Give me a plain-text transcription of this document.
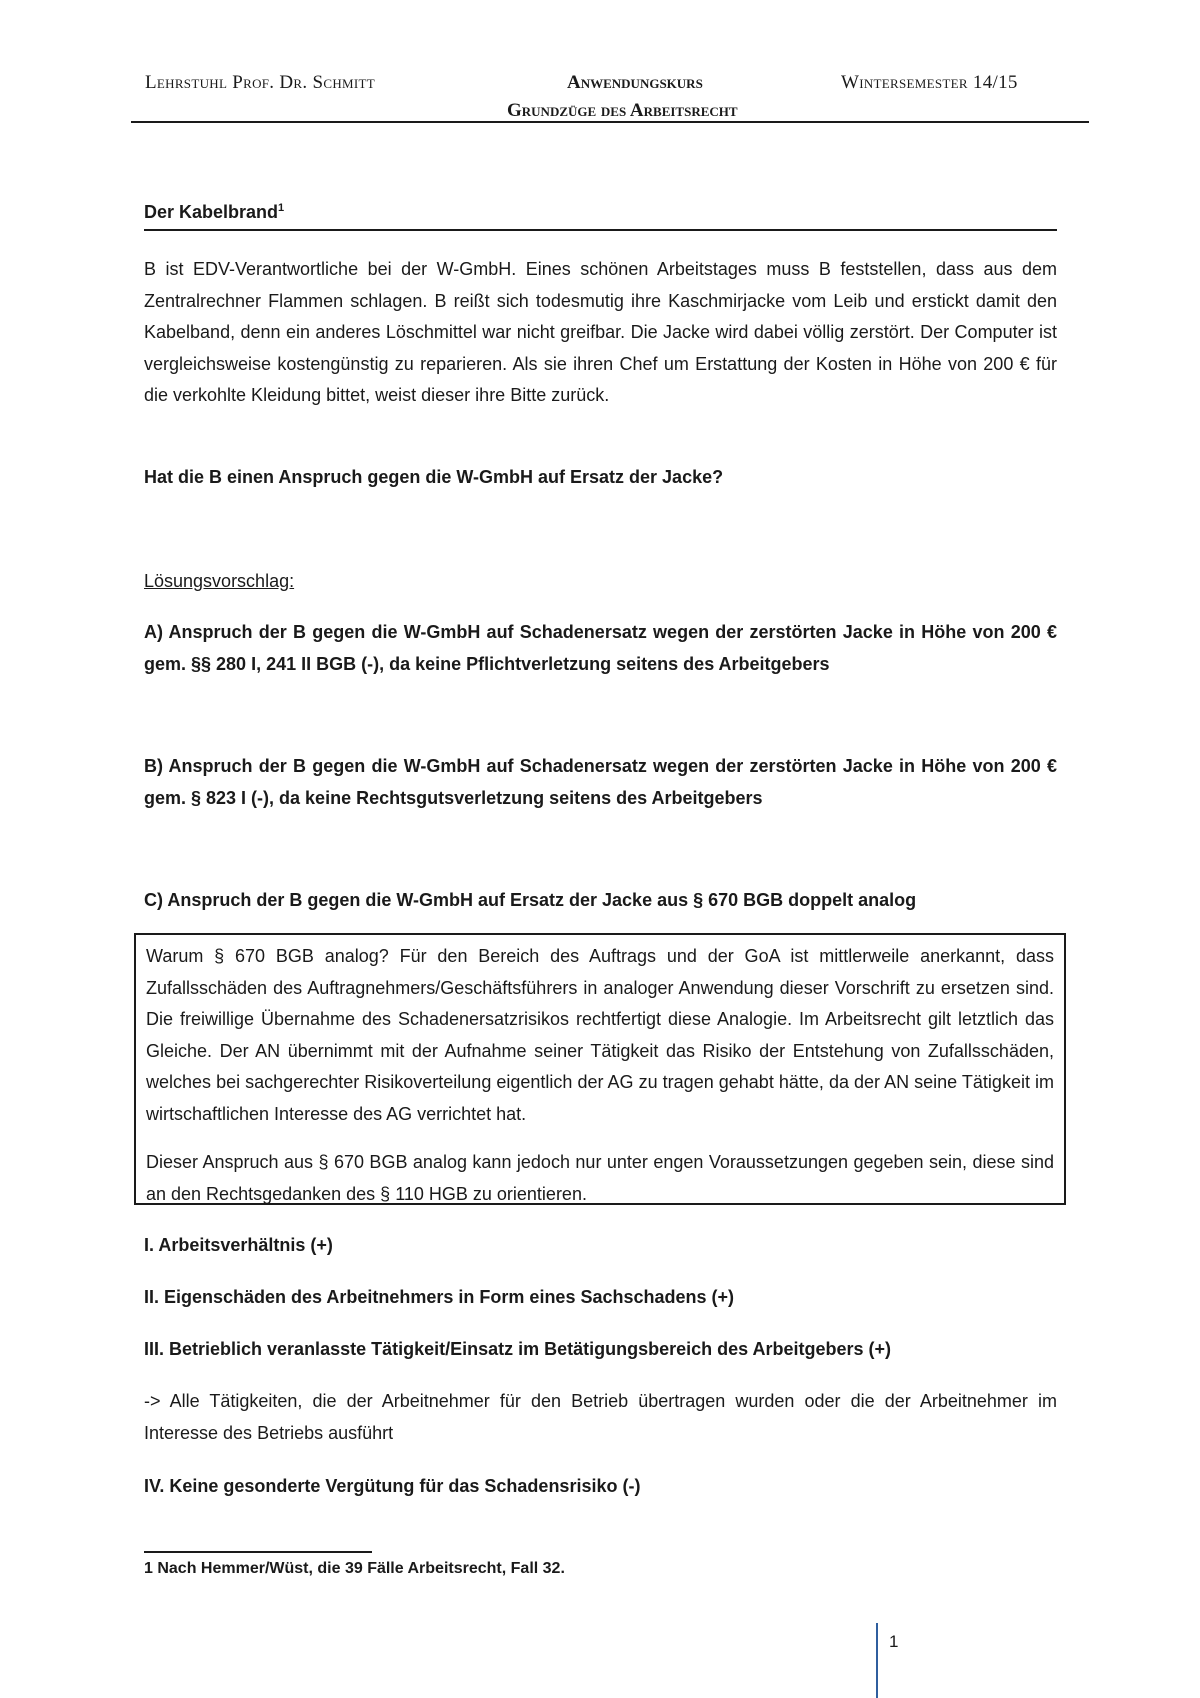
Lehrstuhl Prof. Dr. Schmitt	Anwendungskurs
Grundzüge des Arbeitsrecht
Wintersemester 14/15
Der Kabelbrand$^1$
B ist EDV-Verantwortliche bei der W-GmbH. Eines schönen Arbeitstages muss B feststellen, dass aus dem Zentralrechner Flammen schlagen. B reißt sich todesmutig ihre Kaschmirjacke vom Leib und erstickt damit den Kabelband, denn ein anderes Löschmittel war nicht greifbar. Die Jacke wird dabei völlig zerstört. Der Computer ist vergleichsweise kostengünstig zu reparieren. Als sie ihren Chef um Erstattung der Kosten in Höhe von 200 € für die verkohlte Kleidung bittet, weist dieser ihre Bitte zurück.
Hat die B einen Anspruch gegen die W-GmbH auf Ersatz der Jacke?
Lösungsvorschlag:
A) Anspruch der B gegen die W-GmbH auf Schadenersatz wegen der zerstörten Jacke in Höhe von 200 € gem. §§ 280 I, 241 II BGB (-), da keine Pflichtverletzung seitens des Arbeitgebers
B) Anspruch der B gegen die W-GmbH auf Schadenersatz wegen der zerstörten Jacke in Höhe von 200 € gem. § 823 I (-), da keine Rechtsgutsverletzung seitens des Arbeitgebers
C) Anspruch der B gegen die W-GmbH auf Ersatz der Jacke aus § 670 BGB doppelt analog
Warum § 670 BGB analog? Für den Bereich des Auftrags und der GoA ist mittlerweile anerkannt, dass Zufallsschäden des Auftragnehmers/Geschäftsführers in analoger Anwendung dieser Vorschrift zu ersetzen sind. Die freiwillige Übernahme des Schadenersatzrisikos rechtfertigt diese Analogie. Im Arbeitsrecht gilt letztlich das Gleiche. Der AN übernimmt mit der Aufnahme seiner Tätigkeit das Risiko der Entstehung von Zufallsschäden, welches bei sachgerechter Risikoverteilung eigentlich der AG zu tragen gehabt hätte, da der AN seine Tätigkeit im wirtschaftlichen Interesse des AG verrichtet hat.
Dieser Anspruch aus § 670 BGB analog kann jedoch nur unter engen Voraussetzungen gegeben sein, diese sind an den Rechtsgedanken des § 110 HGB zu orientieren.
I. Arbeitsverhältnis (+)
II. Eigenschäden des Arbeitnehmers in Form eines Sachschadens (+)
III. Betrieblich veranlasste Tätigkeit/Einsatz im Betätigungsbereich des Arbeitgebers (+)
-> Alle Tätigkeiten, die der Arbeitnehmer für den Betrieb übertragen wurden oder die der Arbeitnehmer im Interesse des Betriebs ausführt
IV. Keine gesonderte Vergütung für das Schadensrisiko (-)
1 Nach Hemmer/Wüst, die 39 Fälle Arbeitsrecht, Fall 32.
1
